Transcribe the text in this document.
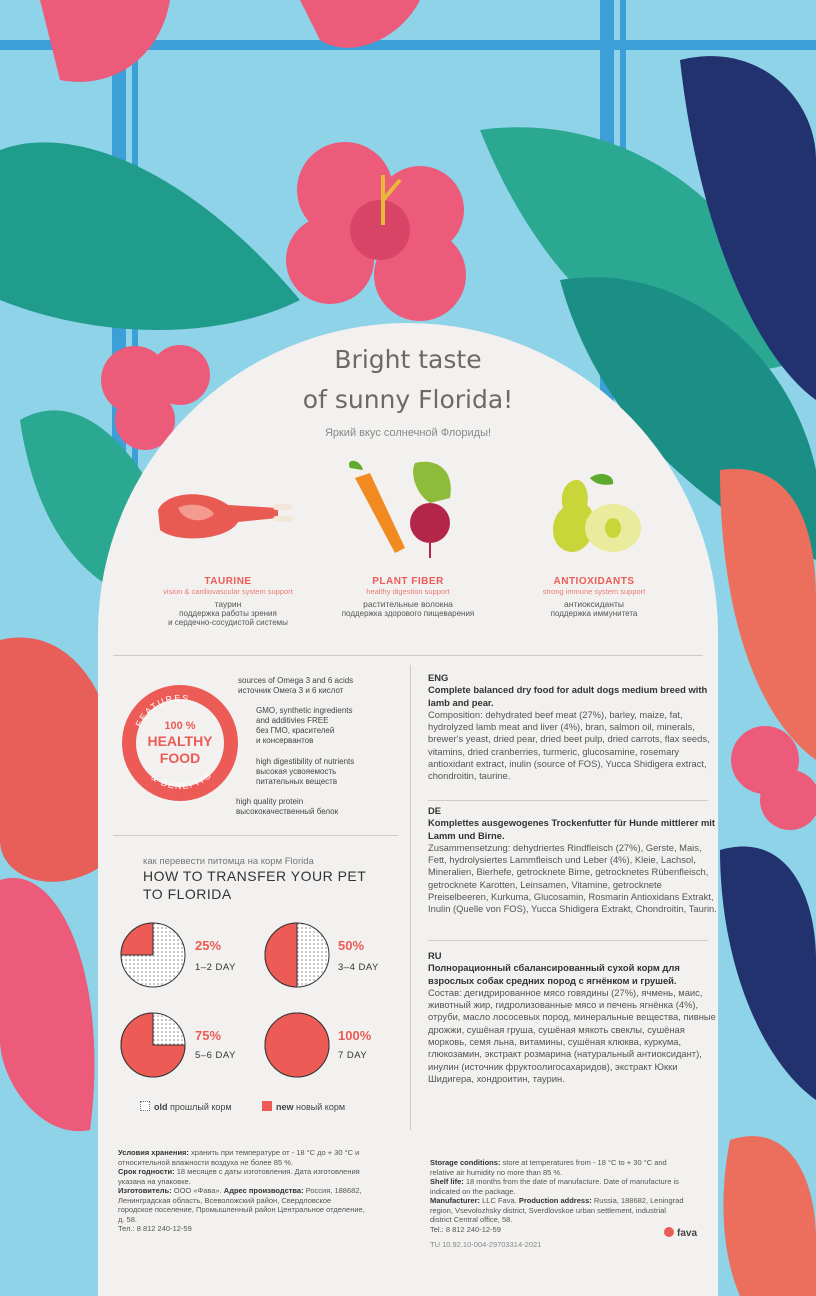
Bright taste
of sunny Florida!
Яркий вкус солнечной Флориды!
TAURINE
vision & cardiovascular system support
таурин
поддержка работы зрения
и сердечно-сосудистой системы
PLANT FIBER
healthy digestion support
растительные волокна
поддержка здорового пищеварения
ANTIOXIDANTS
strong immune system support
антиоксиданты
поддержка иммунитета
FEATURES
& BENEFITS
100 %
HEALTHY
FOOD
sources of Omega 3 and 6 acids
источник Омега 3 и 6 кислот
GMO, synthetic ingredients
and additivies FREE
без ГМО, красителей
и консервантов
high digestibility of nutrients
высокая усвояемость
питательных веществ
high quality protein
высококачественный белок
как перевести питомца на корм Florida
HOW TO TRANSFER YOUR PET
TO FLORIDA
25%
1–2 DAY
50%
3–4 DAY
75%
5–6 DAY
100%
7 DAY
old прошлый корм	new новый корм
ENG
Complete balanced dry food for adult dogs medium breed with lamb and pear.
Composition: dehydrated beef meat (27%), barley, maize, fat, hydrolyzed lamb meat and liver (4%), bran, salmon oil, minerals, brewer's yeast, dried pear, dried beet pulp, dried carrots, flax seeds, vitamins, dried cranberries, turmeric, glucosamine, rosemary antioxidant extract, inulin (source of FOS), Yucca Shidigera extract, chondroitin, taurine.
DE
Komplettes ausgewogenes Trockenfutter für Hunde mittlerer mit Lamm und Birne.
Zusammensetzung: dehydriertes Rindfleisch (27%), Gerste, Mais, Fett, hydrolysiertes Lammfleisch und Leber (4%), Kleie, Lachsol, Mineralien, Bierhefe, getrocknete Birne, getrocknetes Rübenfleisch, getrocknete Karotten, Leinsamen, Vitamine, getrocknete Preiselbeeren, Kurkuma, Glucosamin, Rosmarin Antioxidans Extrakt, Inulin (Quelle von FOS), Yucca Shidigera Extrakt, Chondroitin, Taurin.
RU
Полнорационный сбалансированный сухой корм для взрослых собак средних пород с ягнёнком и грушей.
Состав: дегидрированное мясо говядины (27%), ячмень, маис, животный жир, гидролизованные мясо и печень ягнёнка (4%), отруби, масло лососевых пород, минеральные вещества, пивные дрожжи, сушёная груша, сушёная мякоть свеклы, сушёная морковь, семя льна, витамины, сушёная клюква, куркума, глюкозамин, экстракт розмарина (натуральный антиоксидант), инулин (источник фруктоолигосахаридов), экстракт Юкки Шидигера, хондроитин, таурин.
Условия хранения: хранить при температуре от - 18 °C до + 30 °C и относительной влажности воздуха не более 85 %.
Срок годности: 18 месяцев с даты изготовления. Дата изготовления указана на упаковке.
Изготовитель: ООО «Фава». Адрес производства: Россия, 188682, Ленинградская область, Всеволожский район, Свердловское городское поселение, Промышленный район Центральное отделение, д. 58.
Тел.: 8 812 240-12-59
Storage conditions: store at temperatures from - 18 °C to + 30 °C and relative air humidity no more than 85 %.
Shelf life: 18 months from the date of manufacture. Date of manufacture is indicated on the package.
Manufacturer: LLC Fava. Production address: Russia, 188682, Leningrad region, Vsevolozhsky district, Sverdlovskoe urban settlement, industrial district Central office, 58.
Tel.: 8 812 240-12-59
TU 10.92.10-004-29703314-2021
fava
